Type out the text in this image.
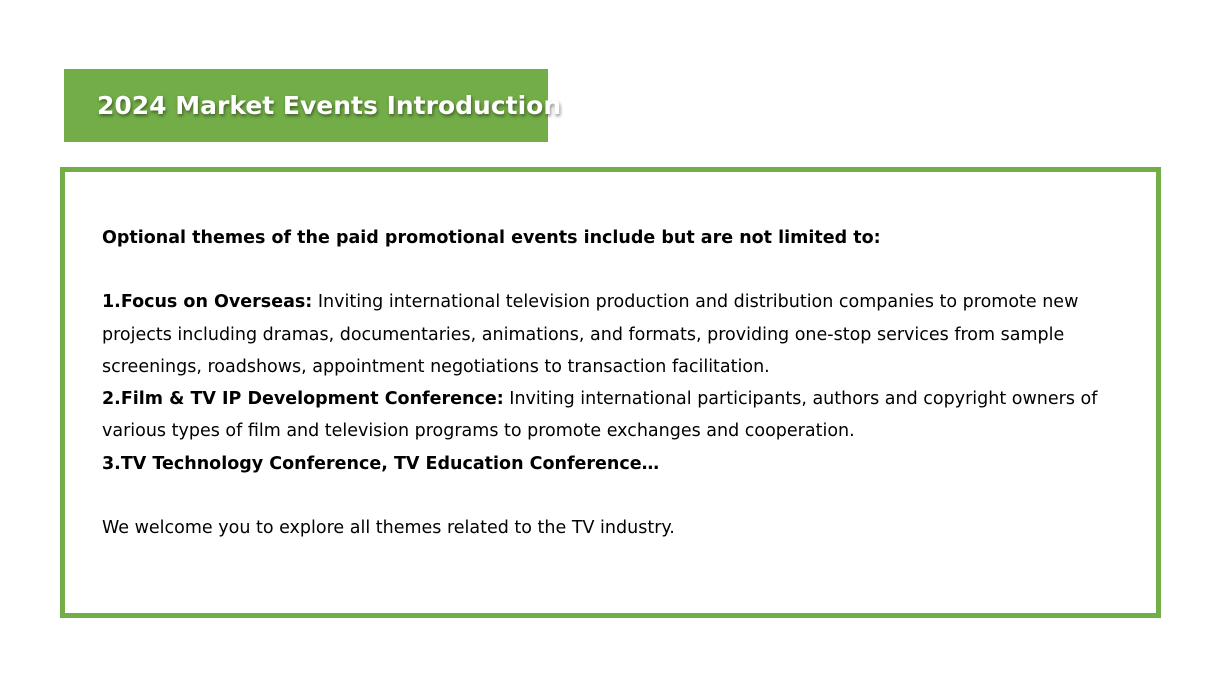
2024 Market Events Introduction

Optional themes of the paid promotional events include but are not limited to:

1.Focus on Overseas: Inviting international television production and distribution companies to promote new projects including dramas, documentaries, animations, and formats, providing one-stop services from sample screenings, roadshows, appointment negotiations to transaction facilitation.

2.Film & TV IP Development Conference: Inviting international participants, authors and copyright owners of various types of film and television programs to promote exchanges and cooperation.

3.TV Technology Conference, TV Education Conference…

We welcome you to explore all themes related to the TV industry.
